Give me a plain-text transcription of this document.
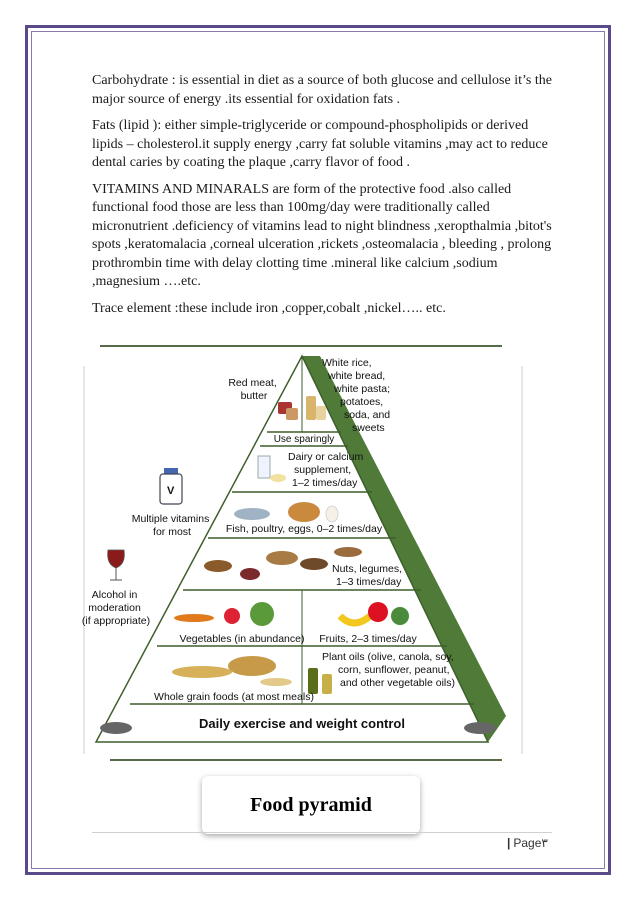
Carbohydrate : is essential in diet as a source of both glucose and cellulose it’s the major source of energy .its essential for oxidation fats .

Fats (lipid ): either simple-triglyceride or compound-phospholipids or derived lipids – cholesterol.it supply energy ,carry fat soluble vitamins ,may act to reduce dental caries by coating the plaque ,carry flavor of food .

VITAMINS AND MINARALS are form of the protective food .also called functional food those are less than 100mg/day were traditionally called micronutrient .deficiency of vitamins lead to night blindness ,xeropthalmia ,bitot's spots ,keratomalacia ,corneal ulceration ,rickets ,osteomalacia , bleeding , prolong prothrombin time with delay clotting time .mineral like calcium ,sodium ,magnesium ….etc.

Trace element :these include iron ,copper,cobalt ,nickel….. etc.

V
Red meat, butter
White rice, white bread, white pasta; potatoes, soda, and sweets
Use sparingly
Dairy or calcium supplement, 1–2 times/day
Fish, poultry, eggs, 0–2 times/day
Nuts, legumes, 1–3 times/day
Vegetables (in abundance) Fruits, 2–3 times/day
Whole grain foods (at most meals)
Plant oils (olive, canola, soy, corn, sunflower, peanut, and other vegetable oils)
Daily exercise and weight control
Multiple vitamins for most
Alcohol in moderation (if appropriate)
Food pyramid
| Page٣
